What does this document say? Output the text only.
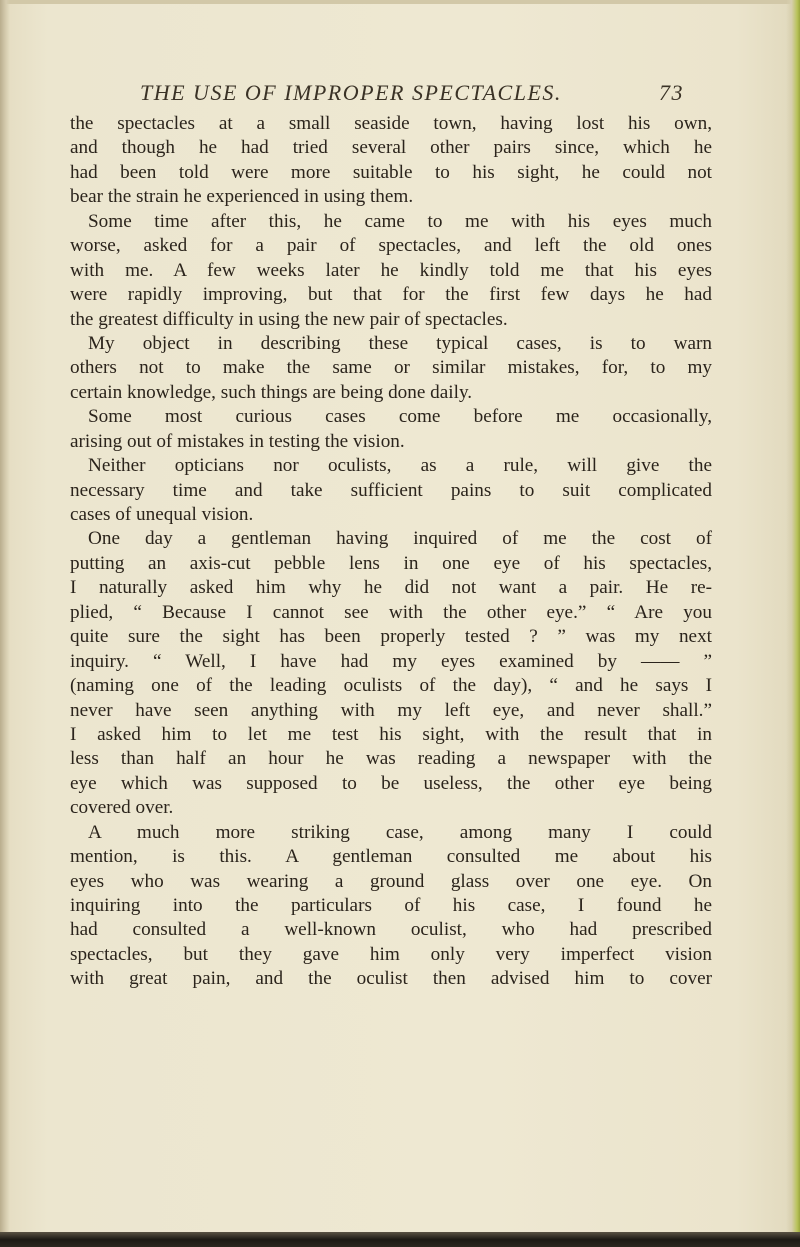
THE USE OF IMPROPER SPECTACLES.	73
the spectacles at a small seaside town, having lost his own,
and though he had tried several other pairs since, which he
had been told were more suitable to his sight, he could not
bear the strain he experienced in using them.
Some time after this, he came to me with his eyes much
worse, asked for a pair of spectacles, and left the old ones
with me. A few weeks later he kindly told me that his eyes
were rapidly improving, but that for the first few days he had
the greatest difficulty in using the new pair of spectacles.
My object in describing these typical cases, is to warn
others not to make the same or similar mistakes, for, to my
certain knowledge, such things are being done daily.
Some most curious cases come before me occasionally,
arising out of mistakes in testing the vision.
Neither opticians nor oculists, as a rule, will give the
necessary time and take sufficient pains to suit complicated
cases of unequal vision.
One day a gentleman having inquired of me the cost of
putting an axis-cut pebble lens in one eye of his spectacles,
I naturally asked him why he did not want a pair. He re-
plied, “ Because I cannot see with the other eye.” “ Are you
quite sure the sight has been properly tested ? ” was my next
inquiry. “ Well, I have had my eyes examined by —— ”
(naming one of the leading oculists of the day), “ and he says I
never have seen anything with my left eye, and never shall.”
I asked him to let me test his sight, with the result that in
less than half an hour he was reading a newspaper with the
eye which was supposed to be useless, the other eye being
covered over.
A much more striking case, among many I could
mention, is this. A gentleman consulted me about his
eyes who was wearing a ground glass over one eye. On
inquiring into the particulars of his case, I found he
had consulted a well-known oculist, who had prescribed
spectacles, but they gave him only very imperfect vision
with great pain, and the oculist then advised him to cover
